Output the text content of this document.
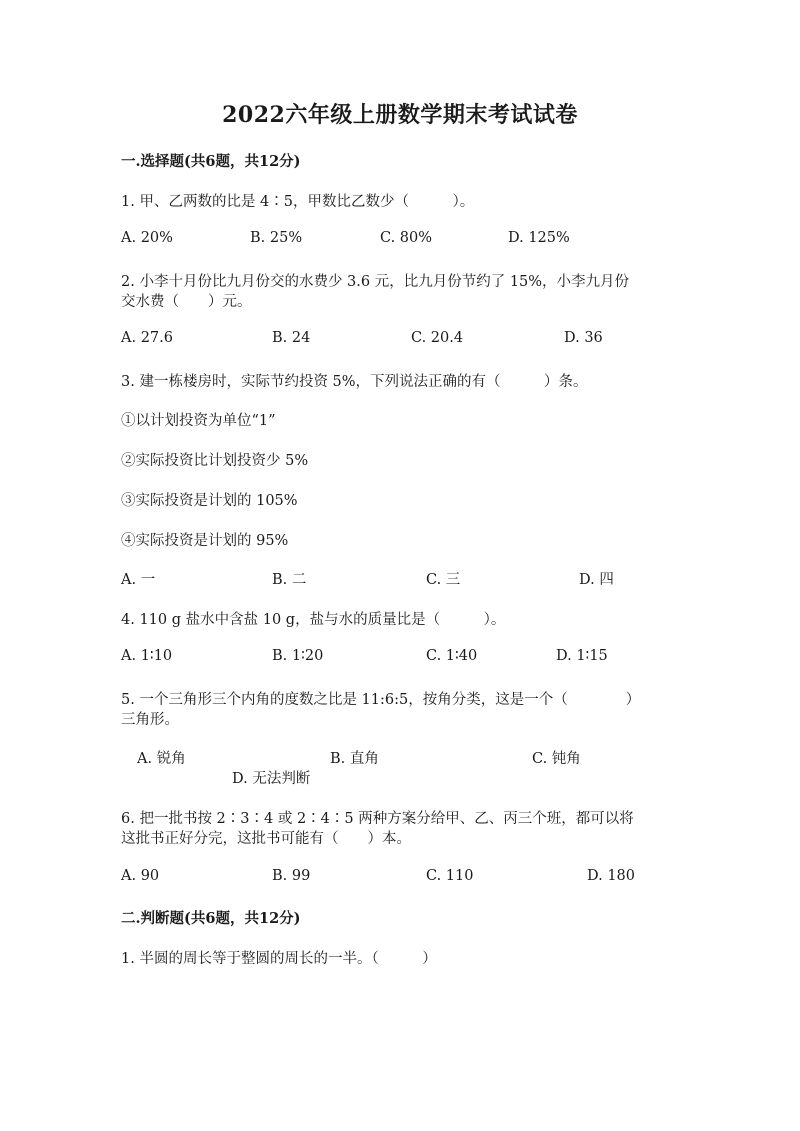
2022六年级上册数学期末考试试卷
一.选择题(共6题，共12分)
1. 甲、乙两数的比是 4∶5，甲数比乙数少（　　　）。
A. 20%	B. 25%	C. 80%	D. 125%
2. 小李十月份比九月份交的水费少 3.6 元，比九月份节约了 15%，小李九月份
交水费（　　）元。
A. 27.6	B. 24	C. 20.4	D. 36
3. 建一栋楼房时，实际节约投资 5%，下列说法正确的有（　　　）条。
①以计划投资为单位“1”
②实际投资比计划投资少 5%
③实际投资是计划的 105%
④实际投资是计划的 95%
A. 一	B. 二	C. 三	D. 四
4. 110 g 盐水中含盐 10 g，盐与水的质量比是（　　　）。
A. 1∶10	B. 1∶20	C. 1∶40	D. 1∶15
5. 一个三角形三个内角的度数之比是 11:6:5，按角分类，这是一个（　　　　）
三角形。
A. 锐角	B. 直角	C. 钝角
D. 无法判断
6. 把一批书按 2∶3∶4 或 2∶4∶5 两种方案分给甲、乙、丙三个班，都可以将
这批书正好分完，这批书可能有（　　）本。
A. 90	B. 99	C. 110	D. 180
二.判断题(共6题，共12分)
1. 半圆的周长等于整圆的周长的一半。（　　　）
